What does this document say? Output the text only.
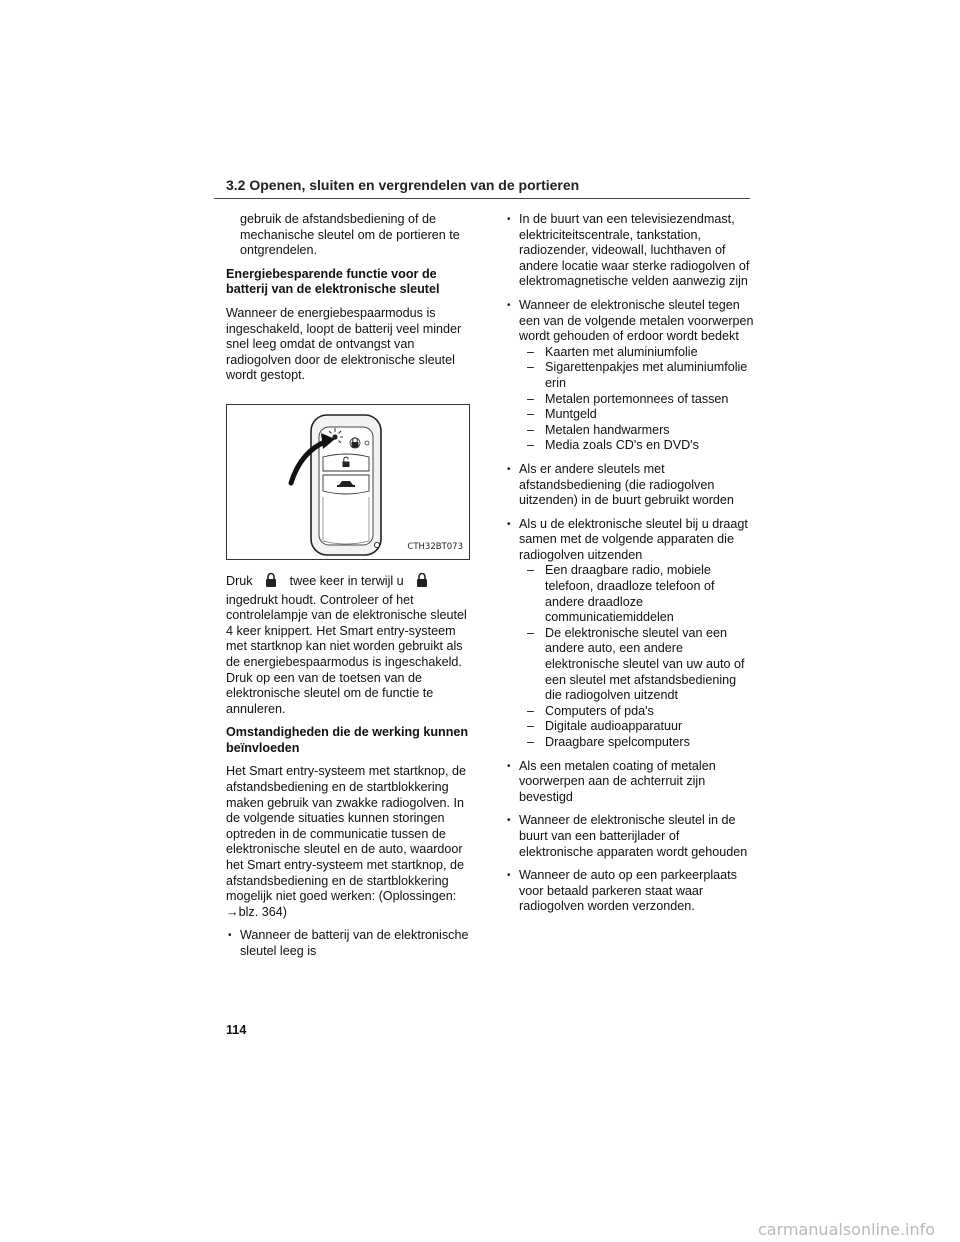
3.2 Openen, sluiten en vergrendelen van de portieren

gebruik de afstandsbediening of de mechanische sleutel om de portieren te ontgrendelen.

Energiebesparende functie voor de batterij van de elektronische sleutel

Wanneer de energiebespaarmodus is ingeschakeld, loopt de batterij veel minder snel leeg omdat de ontvangst van radiogolven door de elektronische sleutel wordt gestopt.

CTH32BT073

Druk	twee keer in terwijl u  ingedrukt houdt. Controleer of het controlelampje van de elektronische sleutel 4 keer knippert. Het Smart entry-systeem met startknop kan niet worden gebruikt als de energiebespaarmodus is ingeschakeld. Druk op een van de toetsen van de elektronische sleutel om de functie te annuleren.

Omstandigheden die de werking kunnen beïnvloeden

Het Smart entry-systeem met startknop, de afstandsbediening en de startblokkering maken gebruik van zwakke radiogolven. In de volgende situaties kunnen storingen optreden in de communicatie tussen de elektronische sleutel en de auto, waardoor het Smart entry-systeem met startknop, de afstandsbediening en de startblokkering mogelijk niet goed werken: (Oplossingen: →blz. 364)

• Wanneer de batterij van de elektronische sleutel leeg is
• In de buurt van een televisiezendmast, elektriciteitscentrale, tankstation, radiozender, videowall, luchthaven of andere locatie waar sterke radiogolven of elektromagnetische velden aanwezig zijn
• Wanneer de elektronische sleutel tegen een van de volgende metalen voorwerpen wordt gehouden of erdoor wordt bedekt
– Kaarten met aluminiumfolie
– Sigarettenpakjes met aluminiumfolie erin
– Metalen portemonnees of tassen
– Muntgeld
– Metalen handwarmers
– Media zoals CD's en DVD's
• Als er andere sleutels met afstandsbediening (die radiogolven uitzenden) in de buurt gebruikt worden
• Als u de elektronische sleutel bij u draagt samen met de volgende apparaten die radiogolven uitzenden
– Een draagbare radio, mobiele telefoon, draadloze telefoon of andere draadloze communicatiemiddelen
– De elektronische sleutel van een andere auto, een andere elektronische sleutel van uw auto of een sleutel met afstandsbediening die radiogolven uitzendt
– Computers of pda's
– Digitale audioapparatuur
– Draagbare spelcomputers
• Als een metalen coating of metalen voorwerpen aan de achterruit zijn bevestigd
• Wanneer de elektronische sleutel in de buurt van een batterijlader of elektronische apparaten wordt gehouden
• Wanneer de auto op een parkeerplaats voor betaald parkeren staat waar radiogolven worden verzonden.
114
carmanualsonline.info
